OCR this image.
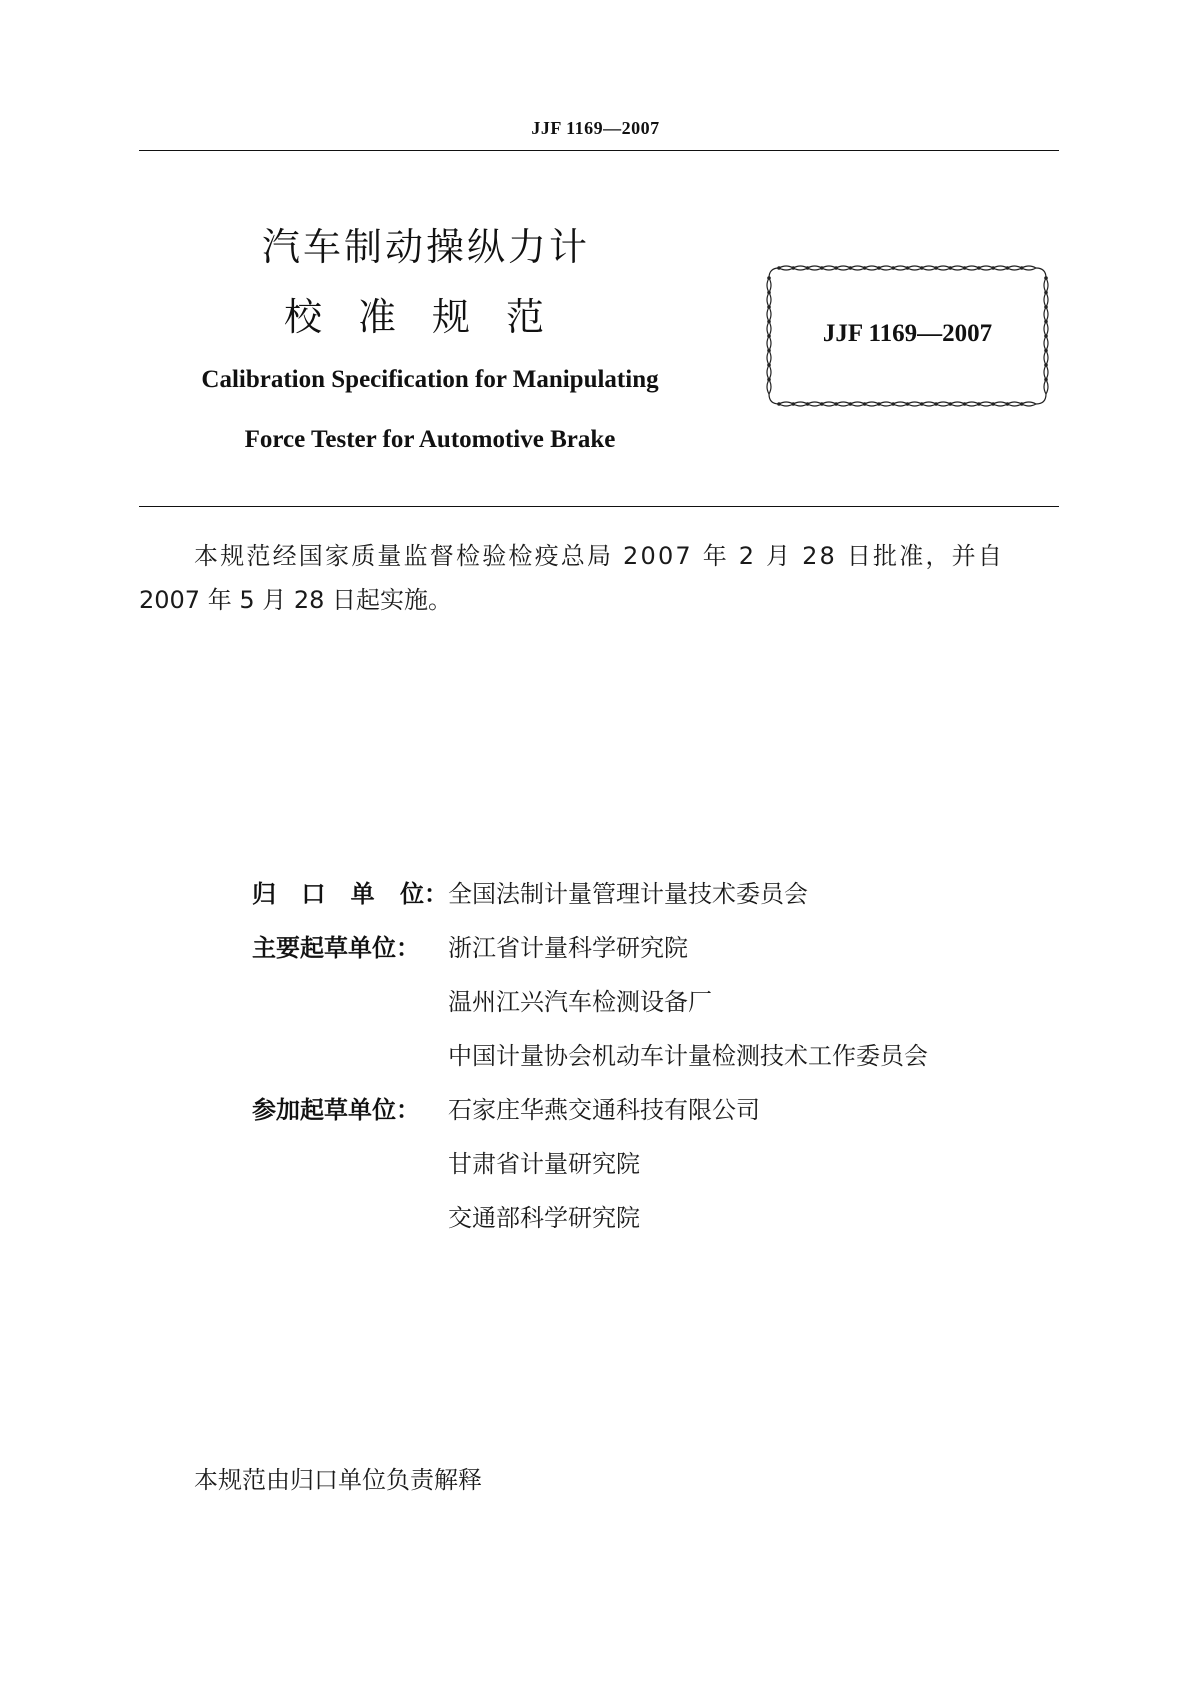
JJF 1169—2007
汽车制动操纵力计
校准规范
Calibration Specification for Manipulating
Force Tester for Automotive Brake
JJF 1169—2007
本规范经国家质量监督检验检疫总局 2007 年 2 月 28 日批准，并自
2007 年 5 月 28 日起实施。
归 口 单 位： 全国法制计量管理计量技术委员会
主要起草单位：	浙江省计量科学研究院
温州江兴汽车检测设备厂
中国计量协会机动车计量检测技术工作委员会
参加起草单位：	石家庄华燕交通科技有限公司
甘肃省计量研究院
交通部科学研究院
本规范由归口单位负责解释
